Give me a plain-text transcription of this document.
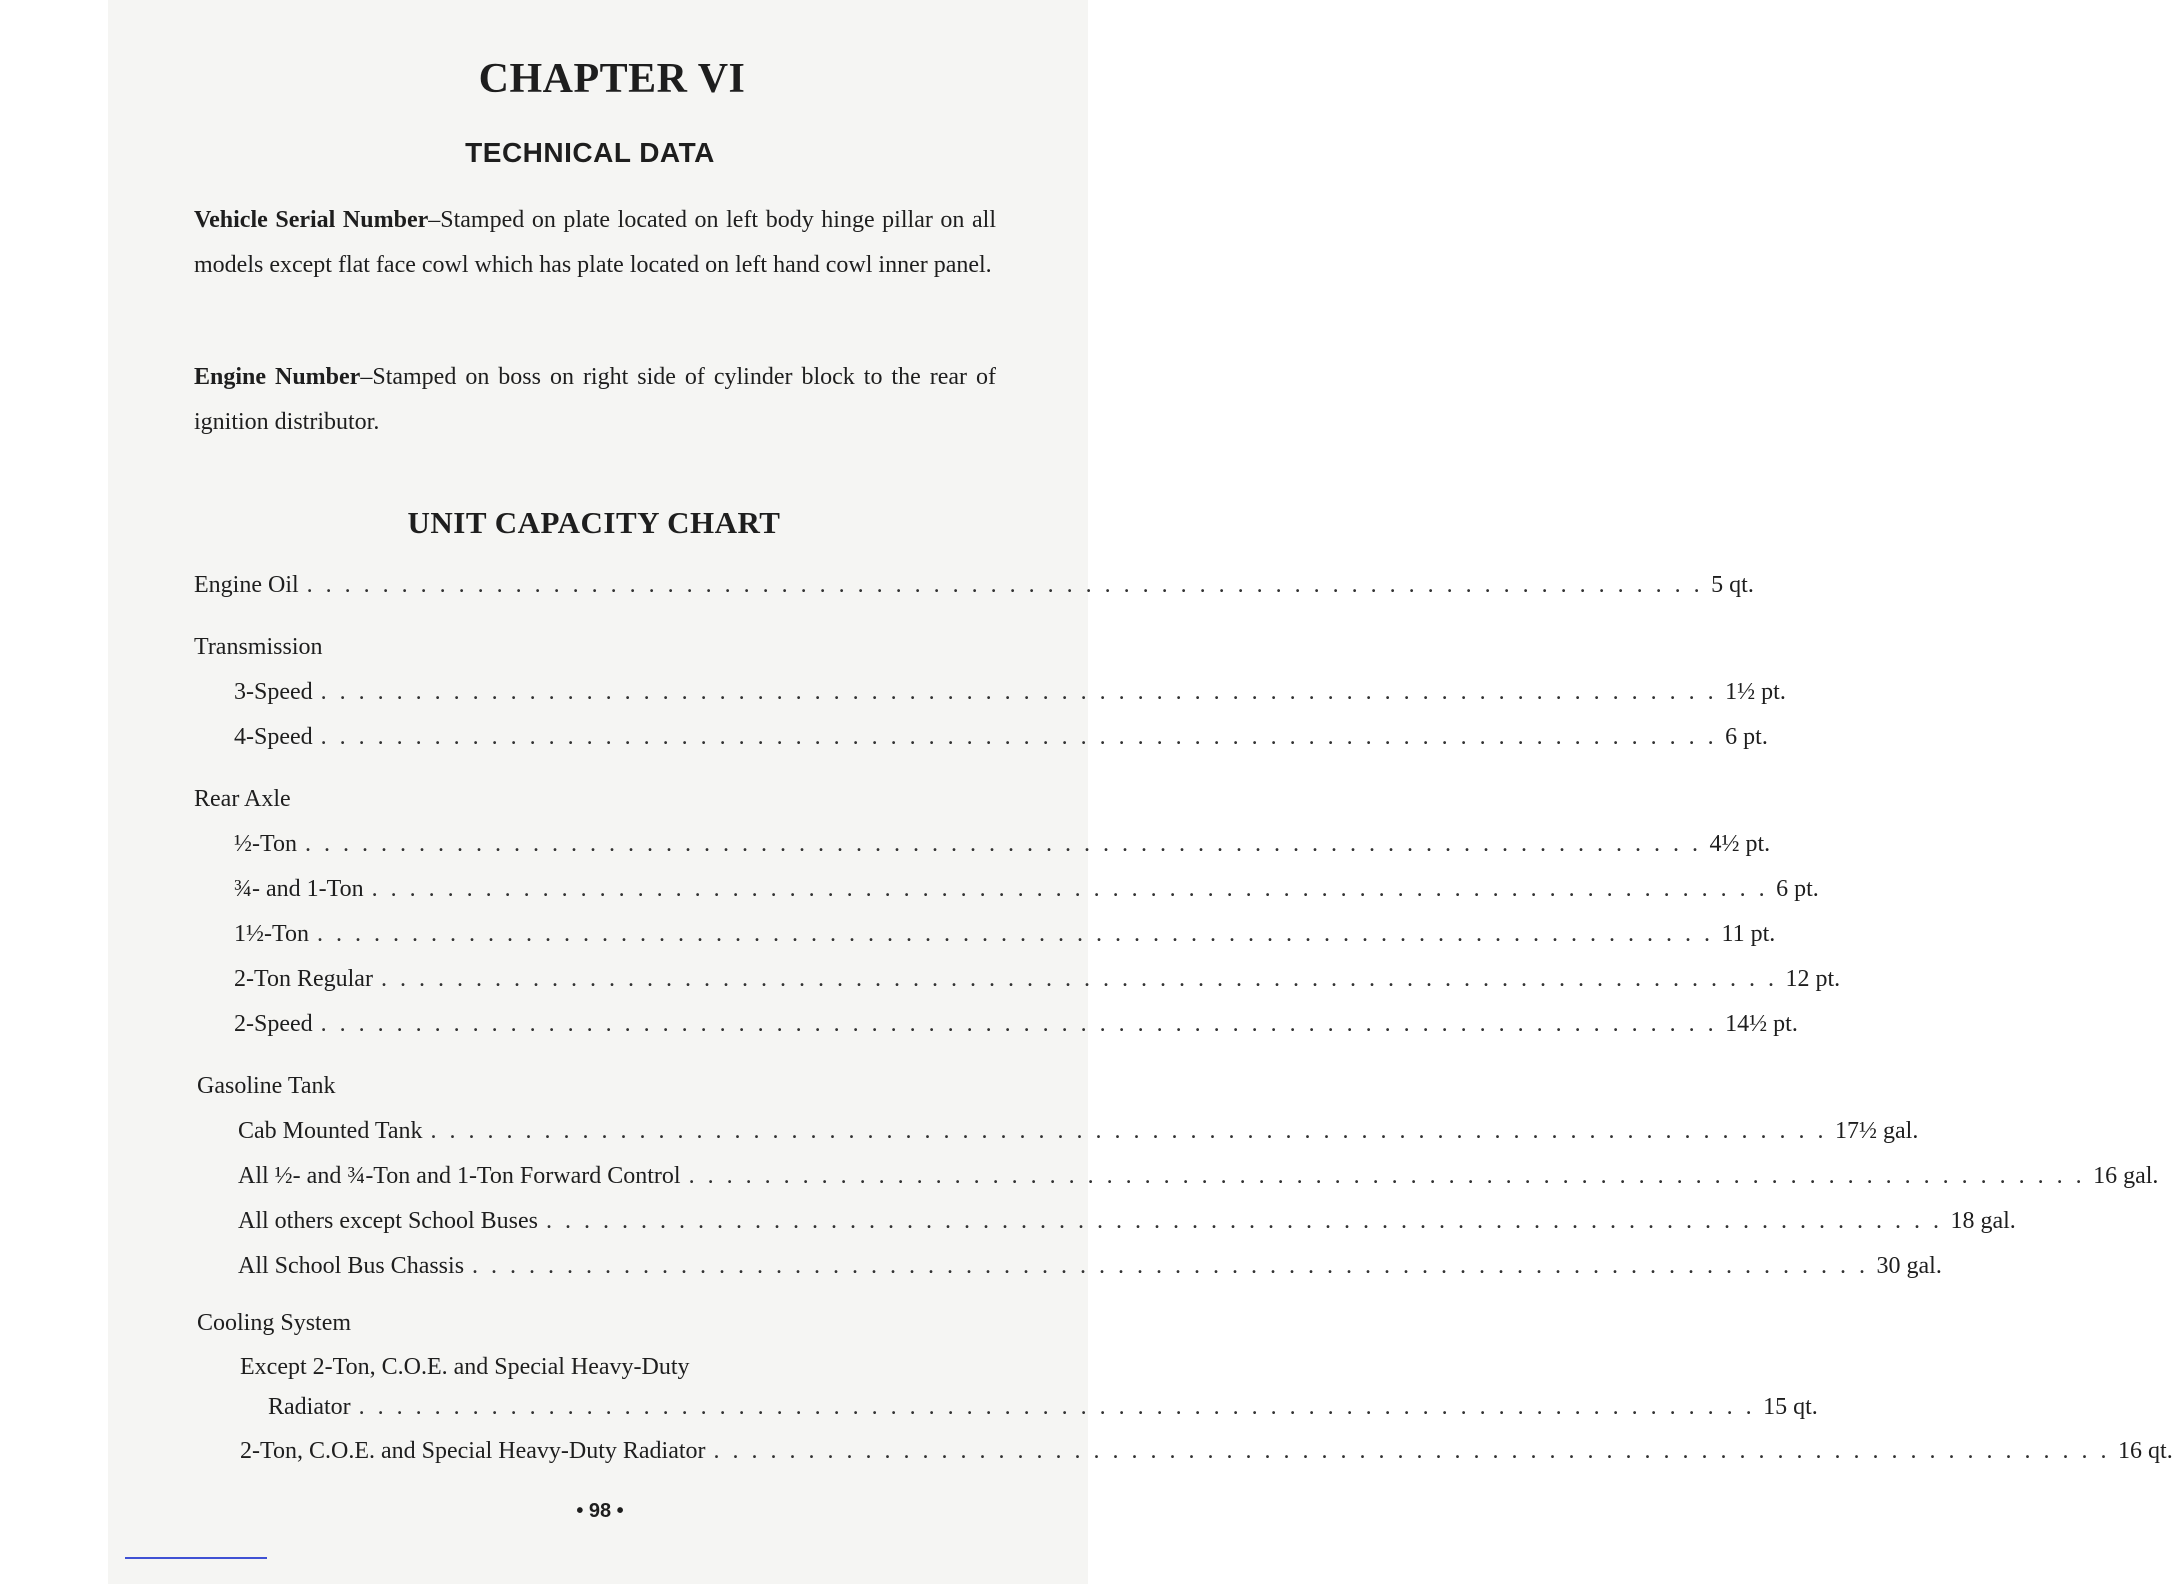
CHAPTER VI
TECHNICAL DATA
Vehicle Serial Number–Stamped on plate located on left body hinge pillar on all models except flat face cowl which has plate located on left hand cowl inner panel.
Engine Number–Stamped on boss on right side of cylinder block to the rear of ignition distributor.
UNIT CAPACITY CHART
Engine Oil . . . . . . . . . . . . . . . . . . . . . . . . . . . . . . . . . . . . . . . . . . . . . . . . . . . . . . . . . . . . . . . . . . . . . . . . . . 5 qt.
Transmission
3-Speed . . . . . . . . . . . . . . . . . . . . . . . . . . . . . . . . . . . . . . . . . . . . . . . . . . . . . . . . . . . . . . . . . . . . . . . . . . 1½ pt.
4-Speed . . . . . . . . . . . . . . . . . . . . . . . . . . . . . . . . . . . . . . . . . . . . . . . . . . . . . . . . . . . . . . . . . . . . . . . . . . 6 pt.
Rear Axle
½-Ton . . . . . . . . . . . . . . . . . . . . . . . . . . . . . . . . . . . . . . . . . . . . . . . . . . . . . . . . . . . . . . . . . . . . . . . . . . 4½ pt.
¾- and 1-Ton . . . . . . . . . . . . . . . . . . . . . . . . . . . . . . . . . . . . . . . . . . . . . . . . . . . . . . . . . . . . . . . . . . . . . . . . . . 6 pt.
1½-Ton . . . . . . . . . . . . . . . . . . . . . . . . . . . . . . . . . . . . . . . . . . . . . . . . . . . . . . . . . . . . . . . . . . . . . . . . . . 11 pt.
2-Ton Regular . . . . . . . . . . . . . . . . . . . . . . . . . . . . . . . . . . . . . . . . . . . . . . . . . . . . . . . . . . . . . . . . . . . . . . . . . . 12 pt.
2-Speed . . . . . . . . . . . . . . . . . . . . . . . . . . . . . . . . . . . . . . . . . . . . . . . . . . . . . . . . . . . . . . . . . . . . . . . . . . 14½ pt.
Gasoline Tank
Cab Mounted Tank . . . . . . . . . . . . . . . . . . . . . . . . . . . . . . . . . . . . . . . . . . . . . . . . . . . . . . . . . . . . . . . . . . . . . . . . . . 17½ gal.
All ½- and ¾-Ton and 1-Ton Forward Control . . . . . . . . . . . . . . . . . . . . . . . . . . . . . . . . . . . . . . . . . . . . . . . . . . . . . . . . . . . . . . . . . . . . . . . . . . 16 gal.
All others except School Buses . . . . . . . . . . . . . . . . . . . . . . . . . . . . . . . . . . . . . . . . . . . . . . . . . . . . . . . . . . . . . . . . . . . . . . . . . . 18 gal.
All School Bus Chassis . . . . . . . . . . . . . . . . . . . . . . . . . . . . . . . . . . . . . . . . . . . . . . . . . . . . . . . . . . . . . . . . . . . . . . . . . . 30 gal.
Cooling System
Except 2-Ton, C.O.E. and Special Heavy-Duty
Radiator . . . . . . . . . . . . . . . . . . . . . . . . . . . . . . . . . . . . . . . . . . . . . . . . . . . . . . . . . . . . . . . . . . . . . . . . . . 15 qt.
2-Ton, C.O.E. and Special Heavy-Duty Radiator . . . . . . . . . . . . . . . . . . . . . . . . . . . . . . . . . . . . . . . . . . . . . . . . . . . . . . . . . . . . . . . . . . . . . . . . . . 16 qt.
• 98 •
